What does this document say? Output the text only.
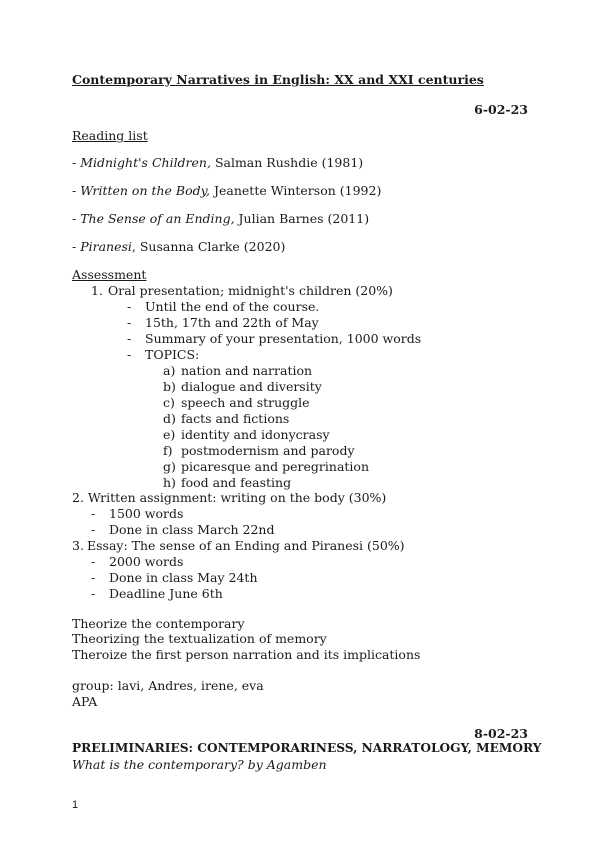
Contemporary Narratives in English: XX and XXI centuries
6-02-23
Reading list
- Midnight's Children, Salman Rushdie (1981)
- Written on the Body, Jeanette Winterson (1992)
- The Sense of an Ending, Julian Barnes (2011)
- Piranesi, Susanna Clarke (2020)
Assessment
1. Oral presentation; midnight's children (20%)
- Until the end of the course.
- 15th, 17th and 22th of May
- Summary of your presentation, 1000 words
- TOPICS:
a) nation and narration
b) dialogue and diversity
c) speech and struggle
d) facts and fictions
e) identity and idonycrasy
f) postmodernism and parody
g) picaresque and peregrination
h) food and feasting
2. Written assignment: writing on the body (30%)
- 1500 words
- Done in class March 22nd
3. Essay: The sense of an Ending and Piranesi (50%)
- 2000 words
- Done in class May 24th
- Deadline June 6th
Theorize the contemporary
Theorizing the textualization of memory
Theroize the first person narration and its implications
group: lavi, Andres, irene, eva
APA
8-02-23
PRELIMINARIES: CONTEMPORARINESS, NARRATOLOGY, MEMORY
What is the contemporary? by Agamben
1
